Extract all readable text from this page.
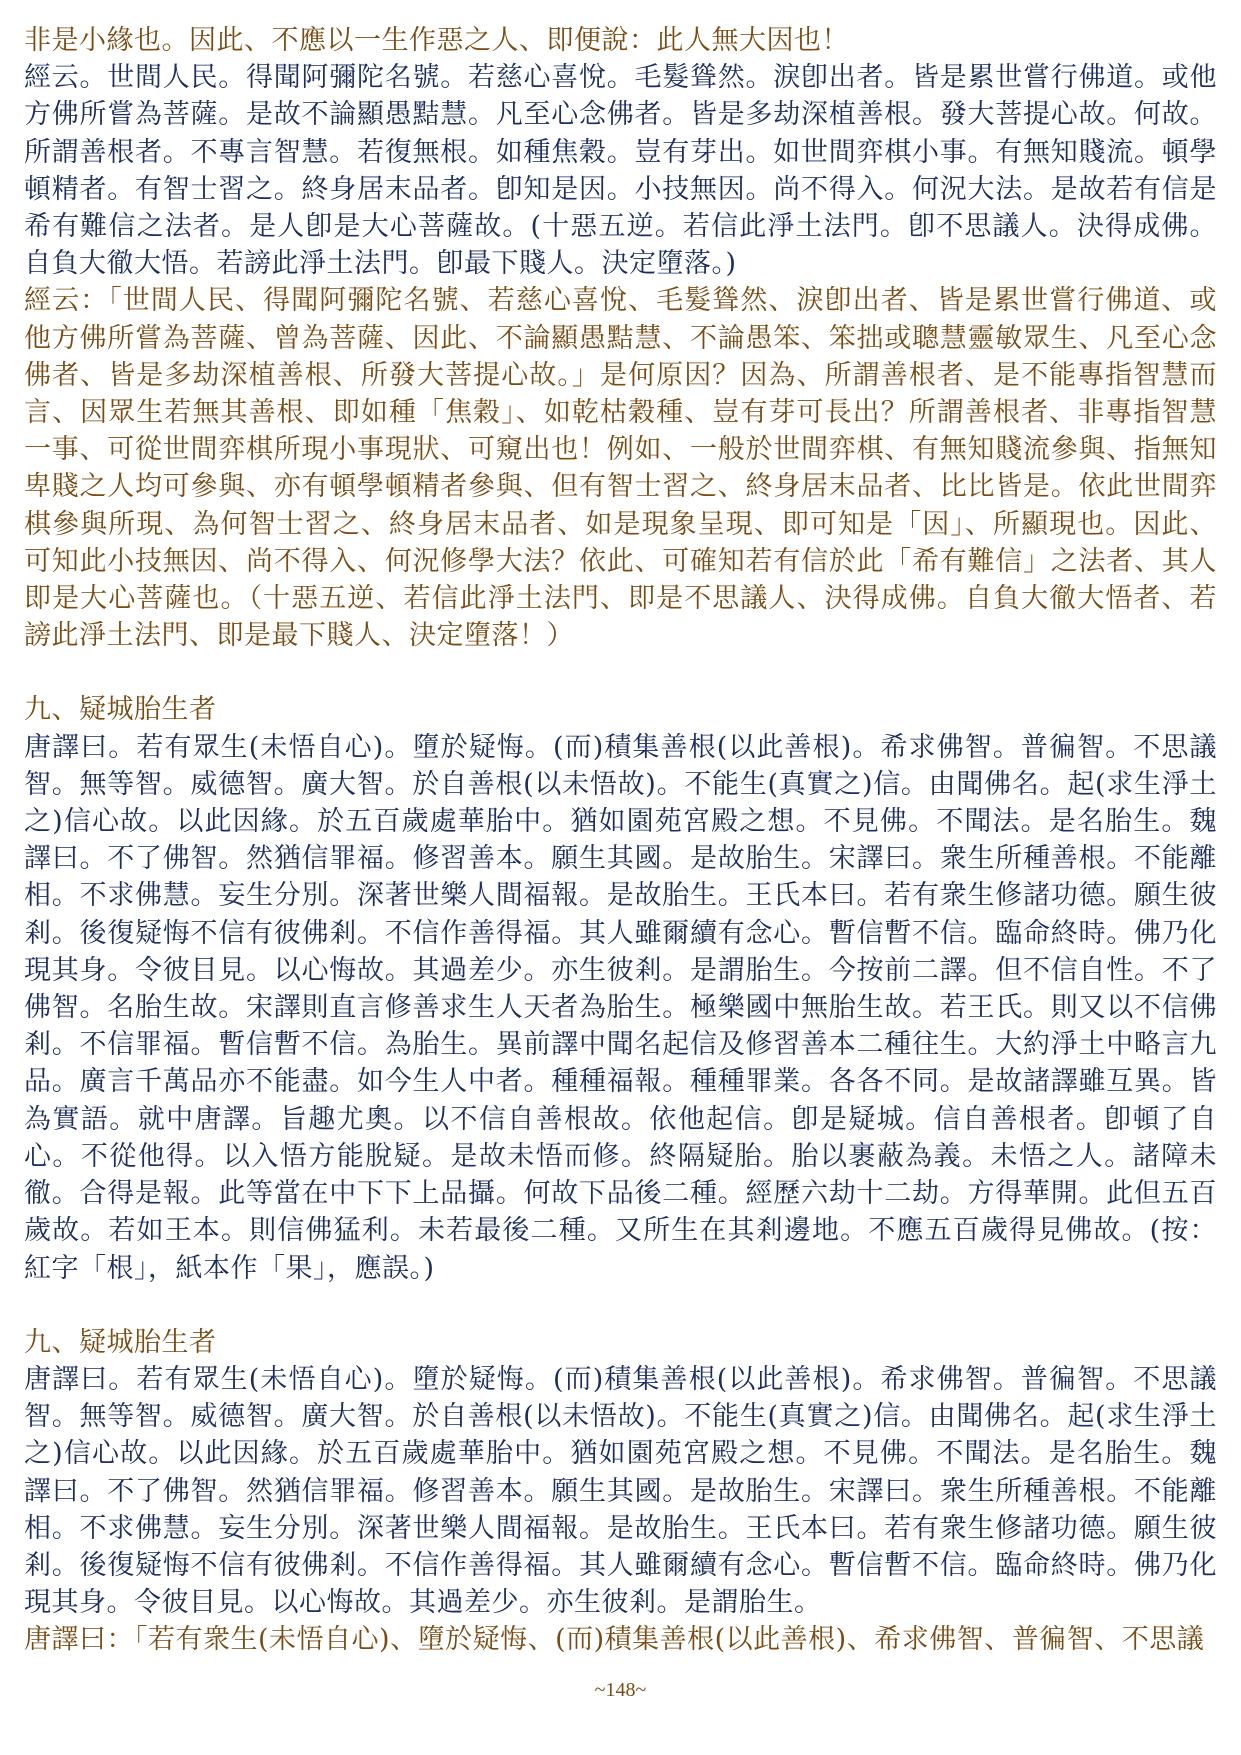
非是小緣也。因此、不應以一生作惡之人、即便說：此人無大因也！

經云。世間人民。得聞阿彌陀名號。若慈心喜悅。毛髮聳然。淚卽出者。皆是累世嘗行佛道。或他方佛所嘗為菩薩。是故不論顯愚黠慧。凡至心念佛者。皆是多劫深植善根。發大菩提心故。何故。所謂善根者。不專言智慧。若復無根。如種焦穀。豈有芽出。如世間弈棋小事。有無知賤流。頓學頓精者。有智士習之。終身居末品者。卽知是因。小技無因。尚不得入。何況大法。是故若有信是希有難信之法者。是人卽是大心菩薩故。(十惡五逆。若信此淨土法門。卽不思議人。決得成佛。自負大徹大悟。若謗此淨土法門。卽最下賤人。決定墮落。)

經云：「世間人民、得聞阿彌陀名號、若慈心喜悅、毛髮聳然、淚卽出者、皆是累世嘗行佛道、或他方佛所嘗為菩薩、曾為菩薩、因此、不論顯愚黠慧、不論愚笨、笨拙或聰慧靈敏眾生、凡至心念佛者、皆是多劫深植善根、所發大菩提心故。」是何原因？因為、所謂善根者、是不能專指智慧而言、因眾生若無其善根、即如種「焦穀」、如乾枯穀種、豈有芽可長出？所謂善根者、非專指智慧一事、可從世間弈棋所現小事現狀、可窺出也！例如、一般於世間弈棋、有無知賤流參與、指無知卑賤之人均可參與、亦有頓學頓精者參與、但有智士習之、終身居末品者、比比皆是。依此世間弈棋參與所現、為何智士習之、終身居末品者、如是現象呈現、即可知是「因」、所顯現也。因此、可知此小技無因、尚不得入、何況修學大法？依此、可確知若有信於此「希有難信」之法者、其人即是大心菩薩也。（十惡五逆、若信此淨土法門、即是不思議人、決得成佛。自負大徹大悟者、若謗此淨土法門、即是最下賤人、決定墮落！）

九、疑城胎生者

唐譯曰。若有眾生(未悟自心)。墮於疑悔。(而)積集善根(以此善根)。希求佛智。普徧智。不思議智。無等智。威德智。廣大智。於自善根(以未悟故)。不能生(真實之)信。由聞佛名。起(求生淨土之)信心故。以此因緣。於五百歲處華胎中。猶如園苑宮殿之想。不見佛。不聞法。是名胎生。魏譯曰。不了佛智。然猶信罪福。修習善本。願生其國。是故胎生。宋譯曰。衆生所種善根。不能離相。不求佛慧。妄生分別。深著世樂人間福報。是故胎生。王氏本曰。若有衆生修諸功德。願生彼剎。後復疑悔不信有彼佛剎。不信作善得福。其人雖爾續有念心。暫信暫不信。臨命終時。佛乃化現其身。令彼目見。以心悔故。其過差少。亦生彼剎。是謂胎生。今按前二譯。但不信自性。不了佛智。名胎生故。宋譯則直言修善求生人天者為胎生。極樂國中無胎生故。若王氏。則又以不信佛剎。不信罪福。暫信暫不信。為胎生。異前譯中聞名起信及修習善本二種往生。大約淨土中略言九品。廣言千萬品亦不能盡。如今生人中者。種種福報。種種罪業。各各不同。是故諸譯雖互異。皆為實語。就中唐譯。旨趣尤奧。以不信自善根故。依他起信。卽是疑城。信自善根者。卽頓了自心。不從他得。以入悟方能脫疑。是故未悟而修。終隔疑胎。胎以裹蔽為義。未悟之人。諸障未徹。合得是報。此等當在中下下上品攝。何故下品後二種。經歷六劫十二劫。方得華開。此但五百歲故。若如王本。則信佛猛利。未若最後二種。又所生在其剎邊地。不應五百歲得見佛故。(按：紅字「根」，紙本作「果」，應誤。)

九、疑城胎生者

唐譯曰。若有眾生(未悟自心)。墮於疑悔。(而)積集善根(以此善根)。希求佛智。普徧智。不思議智。無等智。威德智。廣大智。於自善根(以未悟故)。不能生(真實之)信。由聞佛名。起(求生淨土之)信心故。以此因緣。於五百歲處華胎中。猶如園苑宮殿之想。不見佛。不聞法。是名胎生。魏譯曰。不了佛智。然猶信罪福。修習善本。願生其國。是故胎生。宋譯曰。衆生所種善根。不能離相。不求佛慧。妄生分別。深著世樂人間福報。是故胎生。王氏本曰。若有衆生修諸功德。願生彼剎。後復疑悔不信有彼佛剎。不信作善得福。其人雖爾續有念心。暫信暫不信。臨命終時。佛乃化現其身。令彼目見。以心悔故。其過差少。亦生彼剎。是謂胎生。

唐譯曰：「若有衆生(未悟自心)、墮於疑悔、(而)積集善根(以此善根)、希求佛智、普徧智、不思議

~148~
